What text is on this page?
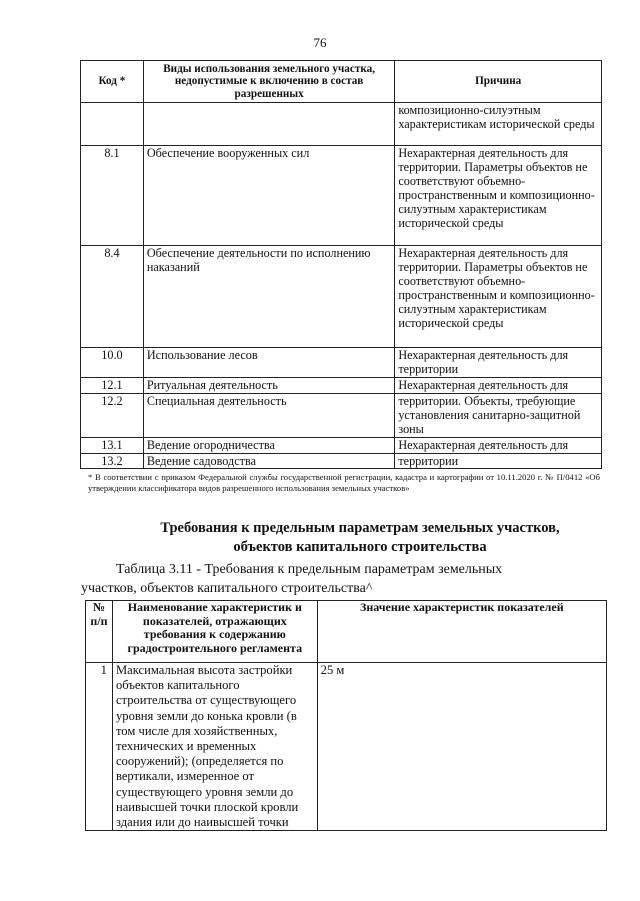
76
Код *	Виды использования земельного участка, недопустимые к включению в состав разрешенных	Причина
		композиционно-силуэтным характеристикам исторической среды
8.1	Обеспечение вооруженных сил	Нехарактерная деятельность для территории. Параметры объектов не соответствуют объемно-пространственным и композиционно-силуэтным характеристикам исторической среды
8.4	Обеспечение деятельности по исполнению наказаний	Нехарактерная деятельность для территории. Параметры объектов не соответствуют объемно-пространственным и композиционно-силуэтным характеристикам исторической среды
10.0	Использование лесов	Нехарактерная деятельность для территории
12.1	Ритуальная деятельность	Нехарактерная деятельность для
12.2	Специальная деятельность	территории. Объекты, требующие установления санитарно-защитной зоны
13.1	Ведение огородничества	Нехарактерная деятельность для
13.2	Ведение садоводства	территории
* В соответствии с приказом Федеральной службы государственной регистрации, кадастра и картографии от 10.11.2020 г. № П/0412 «Об утверждении классификатора видов разрешенного использования земельных участков»
Требования к предельным параметрам земельных участков,
объектов капитального строительства
Таблица 3.11 - Требования к предельным параметрам земельных
участков, объектов капитального строительства^
№ п/п	Наименование характеристик и показателей, отражающих требования к содержанию градостроительного регламента	Значение характеристик показателей
1	Максимальная высота застройки объектов капитального строительства от существующего уровня земли до конька кровли (в том числе для хозяйственных, технических и временных сооружений); (определяется по вертикали, измеренное от существующего уровня земли до наивысшей точки плоской кровли здания или до наивысшей точки	25 м
